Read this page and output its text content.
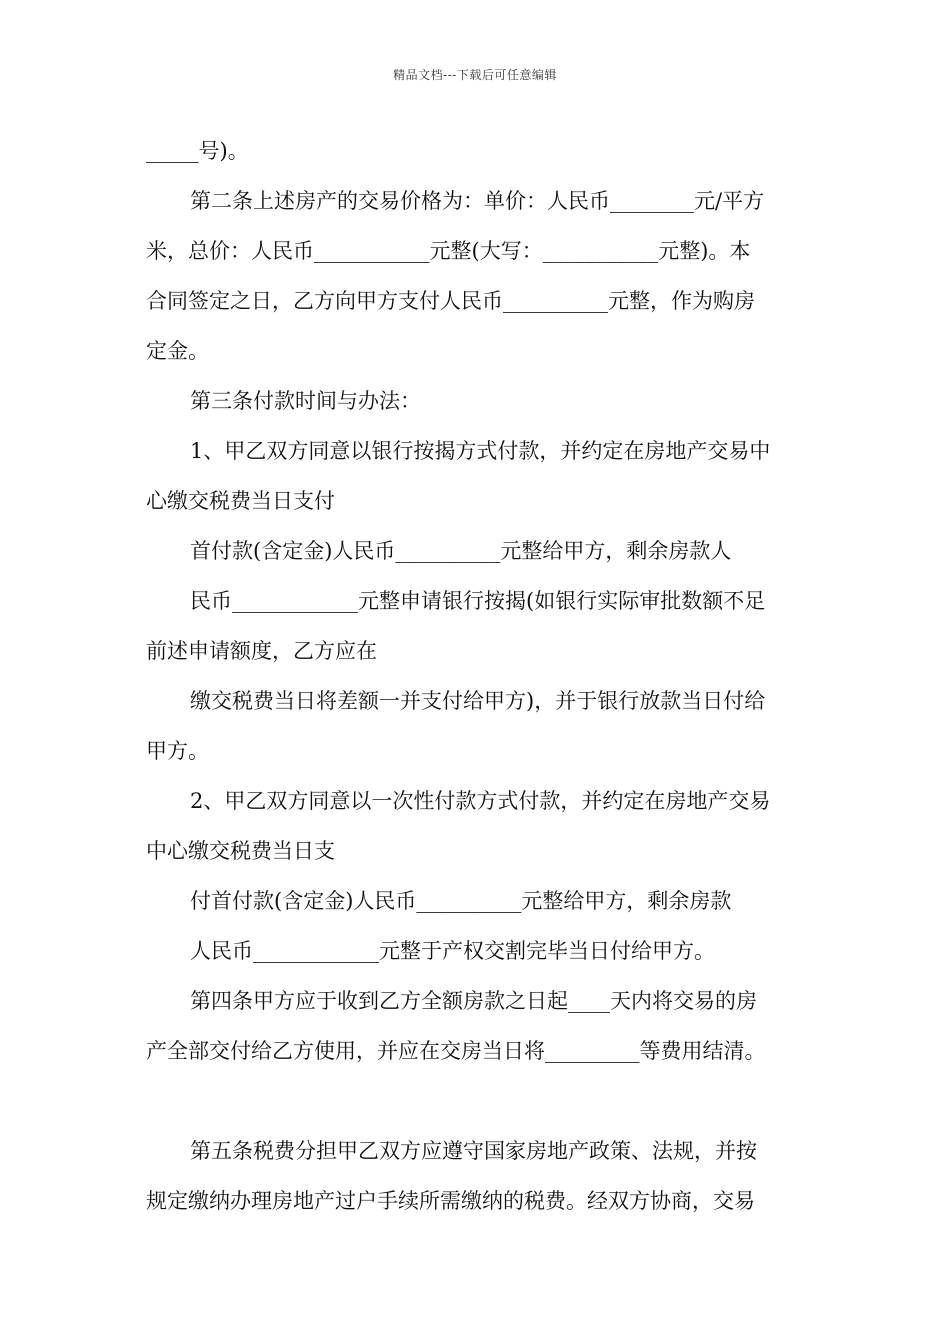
精品文档---下载后可任意编辑
_____号)。
第二条上述房产的交易价格为：单价：人民币________元/平方
米，总价：人民币___________元整(大写：___________元整)。本
合同签定之日，乙方向甲方支付人民币__________元整，作为购房
定金。
第三条付款时间与办法：
1、甲乙双方同意以银行按揭方式付款，并约定在房地产交易中
心缴交税费当日支付
首付款(含定金)人民币__________元整给甲方，剩余房款人
民币____________元整申请银行按揭(如银行实际审批数额不足
前述申请额度，乙方应在
缴交税费当日将差额一并支付给甲方)，并于银行放款当日付给
甲方。
2、甲乙双方同意以一次性付款方式付款，并约定在房地产交易
中心缴交税费当日支
付首付款(含定金)人民币__________元整给甲方，剩余房款
人民币____________元整于产权交割完毕当日付给甲方。
第四条甲方应于收到乙方全额房款之日起____天内将交易的房
产全部交付给乙方使用，并应在交房当日将_________等费用结清。
第五条税费分担甲乙双方应遵守国家房地产政策、法规，并按
规定缴纳办理房地产过户手续所需缴纳的税费。经双方协商，交易
